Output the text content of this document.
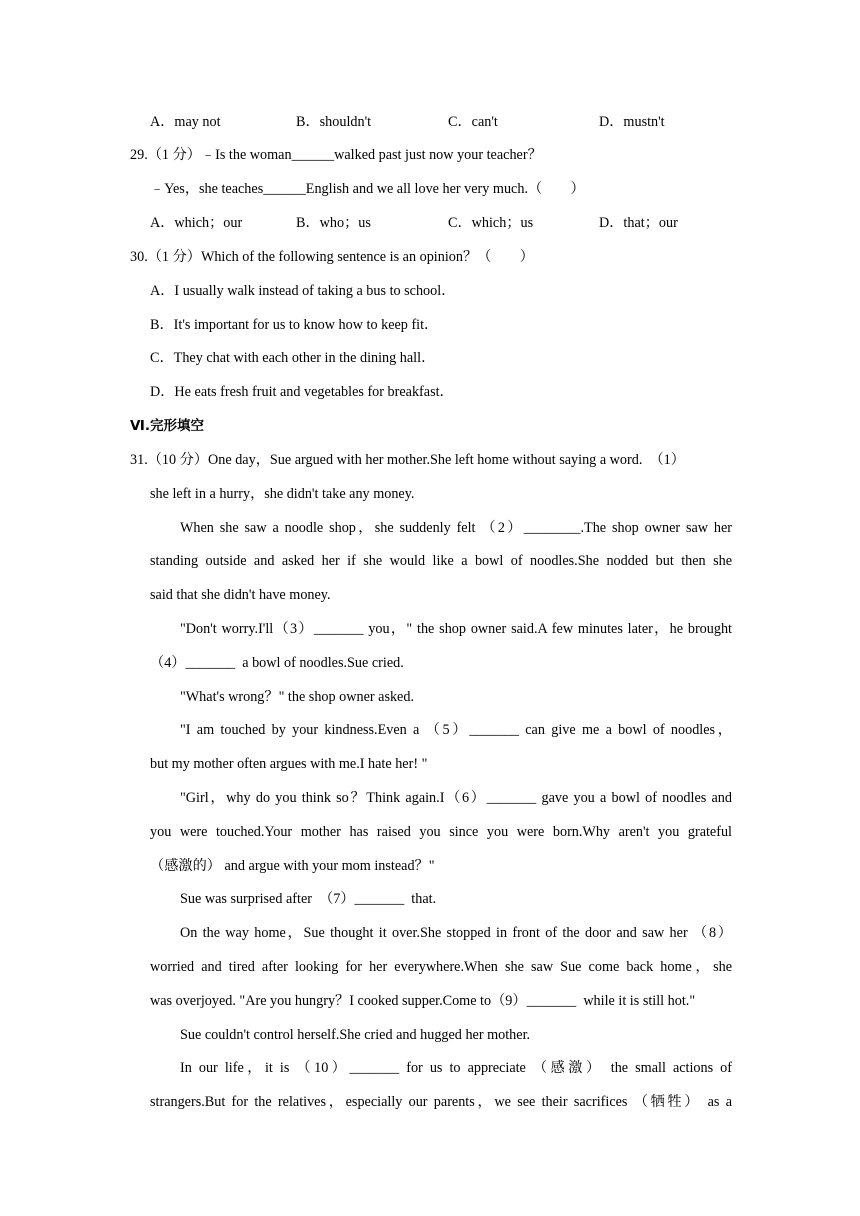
A．may not	B．shouldn't	C．can't	D．mustn't
29.（1 分）﹣Is the woman______walked past just now your teacher？
﹣Yes，she teaches______English and we all love her very much.（　　）
A．which；our	B．who；us	C．which；us	D．that；our
30.（1 分）Which of the following sentence is an opinion？（　　）
A．I usually walk instead of taking a bus to school．
B．It's important for us to know how to keep fit．
C．They chat with each other in the dining hall．
D．He eats fresh fruit and vegetables for breakfast．
Ⅵ.完形填空
31.（10 分）One day，Sue argued with her mother.She left home without saying a word.  （1）
she left in a hurry，she didn't take any money.
When she saw a noodle shop，she suddenly felt （2）________.The shop owner saw her
standing outside and asked her if she would like a bowl of noodles.She nodded but then she
said that she didn't have money.
"Don't worry.I'll（3）_______ you，" the shop owner said.A few minutes later，he brought
（4）_______  a bowl of noodles.Sue cried.
"What's wrong？" the shop owner asked.
"I am touched by your kindness.Even a （5）_______ can give me a bowl of noodles，
but my mother often argues with me.I hate her! "
"Girl，why do you think so？Think again.I（6）_______ gave you a bowl of noodles and
you were touched.Your mother has raised you since you were born.Why aren't you grateful
（感激的） and argue with your mom instead？"
Sue was surprised after  （7）_______  that.
On the way home，Sue thought it over.She stopped in front of the door and saw her （8）
worried and tired after looking for her everywhere.When she saw Sue come back home，she
was overjoyed. "Are you hungry？I cooked supper.Come to（9）_______  while it is still hot."
Sue couldn't control herself.She cried and hugged her mother.
In our life，it is （10）_______ for us to appreciate （感激） the small actions of
strangers.But for the relatives，especially our parents，we see their sacrifices （牺牲） as a
